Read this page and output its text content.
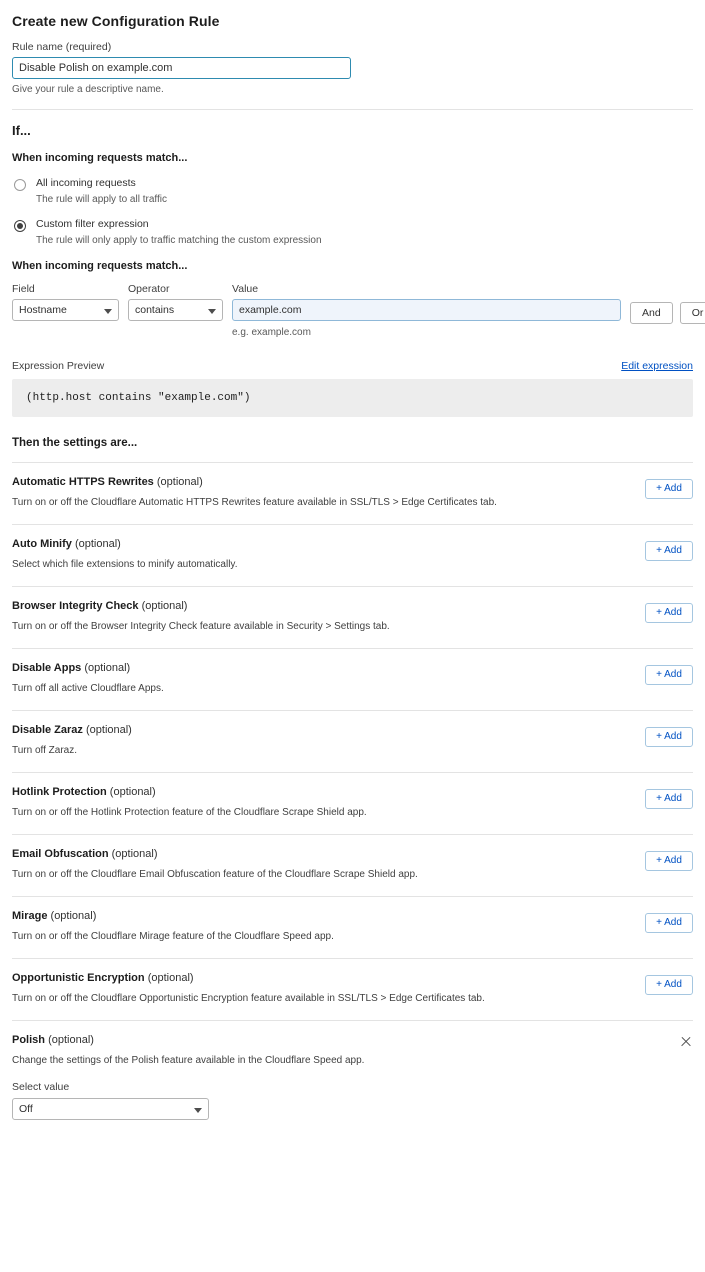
Create new Configuration Rule
Rule name (required)
Disable Polish on example.com
Give your rule a descriptive name.
If...
When incoming requests match...
All incoming requests
The rule will apply to all traffic
Custom filter expression
The rule will only apply to traffic matching the custom expression
When incoming requests match...
Field
Hostname
Operator
contains
Value
example.com
e.g. example.com
And	Or
Expression Preview	Edit expression
(http.host contains "example.com")
Then the settings are...
Automatic HTTPS Rewrites (optional)
Turn on or off the Cloudflare Automatic HTTPS Rewrites feature available in SSL/TLS > Edge Certificates tab.
+ Add
Auto Minify (optional)
Select which file extensions to minify automatically.
+ Add
Browser Integrity Check (optional)
Turn on or off the Browser Integrity Check feature available in Security > Settings tab.
+ Add
Disable Apps (optional)
Turn off all active Cloudflare Apps.
+ Add
Disable Zaraz (optional)
Turn off Zaraz.
+ Add
Hotlink Protection (optional)
Turn on or off the Hotlink Protection feature of the Cloudflare Scrape Shield app.
+ Add
Email Obfuscation (optional)
Turn on or off the Cloudflare Email Obfuscation feature of the Cloudflare Scrape Shield app.
+ Add
Mirage (optional)
Turn on or off the Cloudflare Mirage feature of the Cloudflare Speed app.
+ Add
Opportunistic Encryption (optional)
Turn on or off the Cloudflare Opportunistic Encryption feature available in SSL/TLS > Edge Certificates tab.
+ Add
Polish (optional)
Change the settings of the Polish feature available in the Cloudflare Speed app.
Select value
Off
